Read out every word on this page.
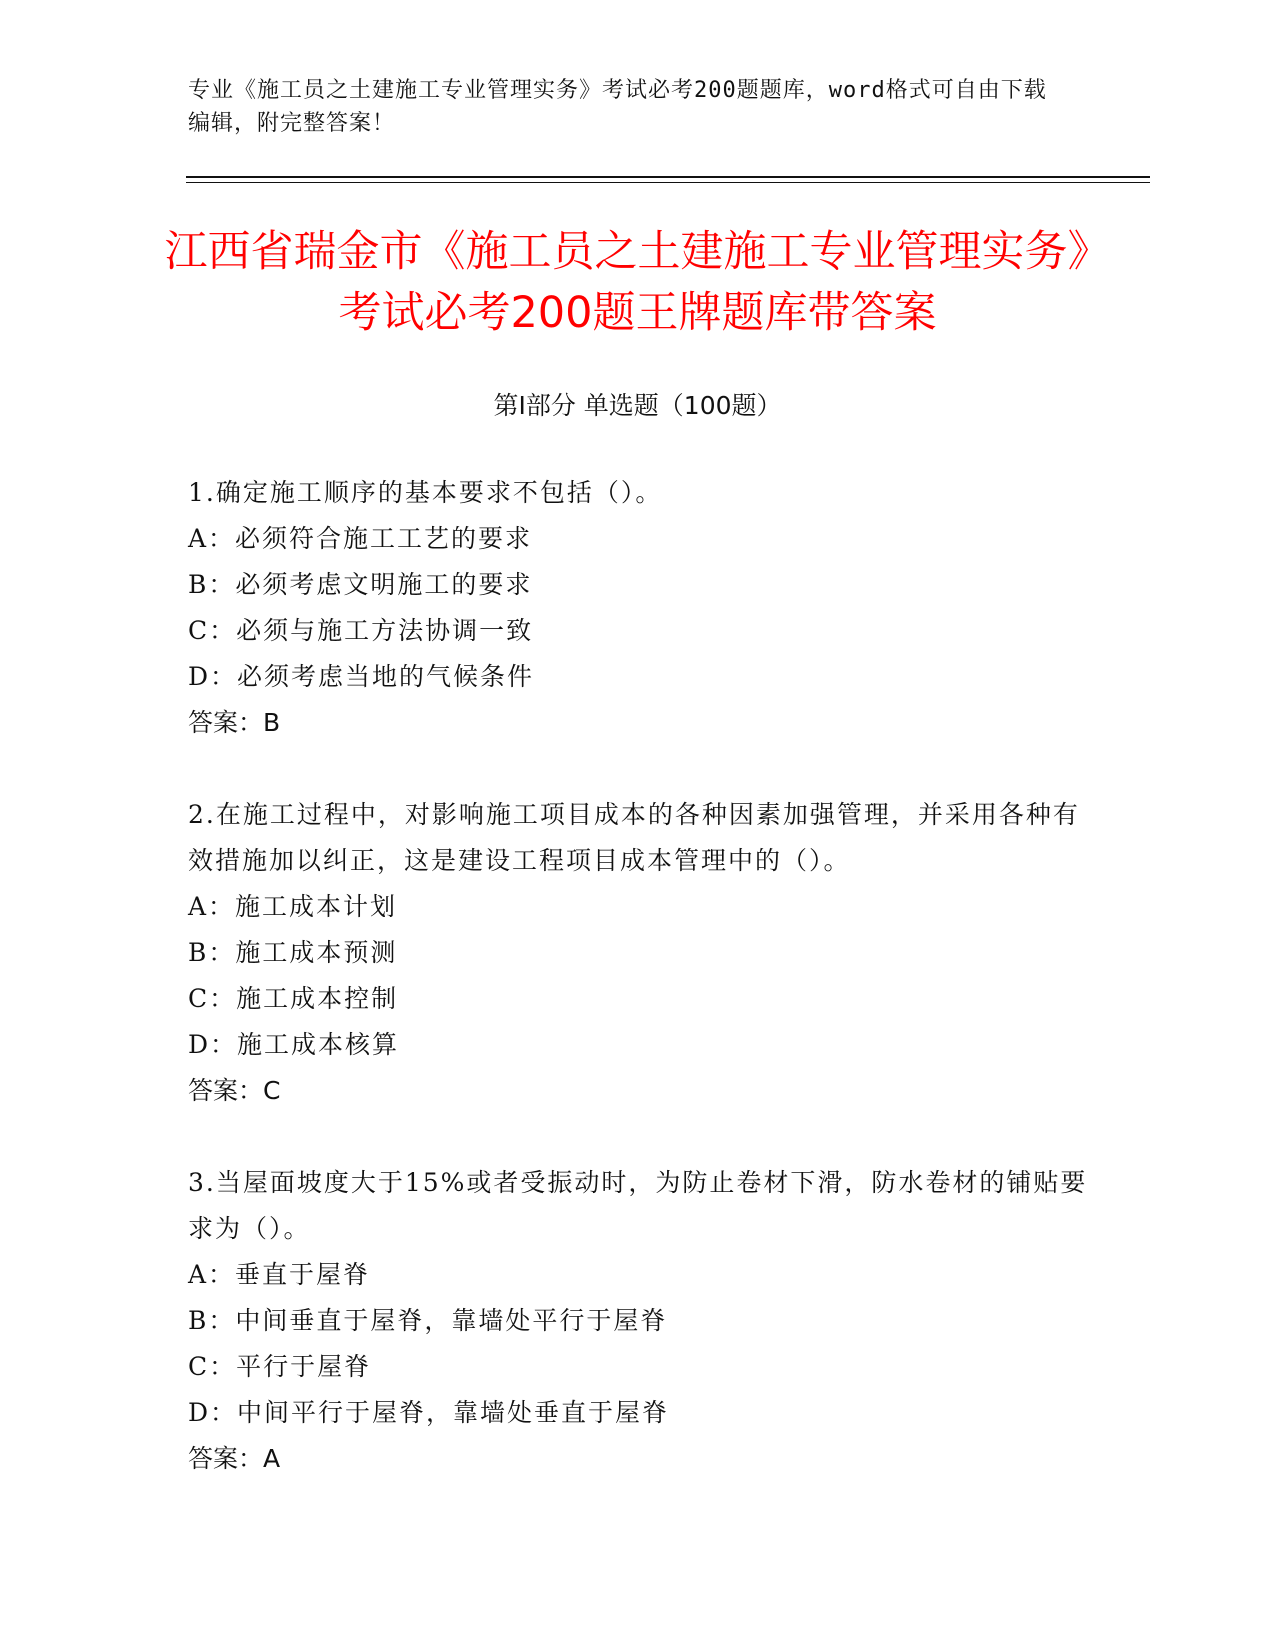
专业《施工员之土建施工专业管理实务》考试必考200题题库，word格式可自由下载编辑，附完整答案！
江西省瑞金市《施工员之土建施工专业管理实务》考试必考200题王牌题库带答案
第Ⅰ部分 单选题（100题）

1.确定施工顺序的基本要求不包括（）。

A：必须符合施工工艺的要求

B：必须考虑文明施工的要求

C：必须与施工方法协调一致

D：必须考虑当地的气候条件

答案：B

2.在施工过程中，对影响施工项目成本的各种因素加强管理，并采用各种有效措施加以纠正，这是建设工程项目成本管理中的（）。

A：施工成本计划

B：施工成本预测

C：施工成本控制

D：施工成本核算

答案：C

3.当屋面坡度大于15%或者受振动时，为防止卷材下滑，防水卷材的铺贴要求为（）。

A：垂直于屋脊

B：中间垂直于屋脊，靠墙处平行于屋脊

C：平行于屋脊

D：中间平行于屋脊，靠墙处垂直于屋脊

答案：A
